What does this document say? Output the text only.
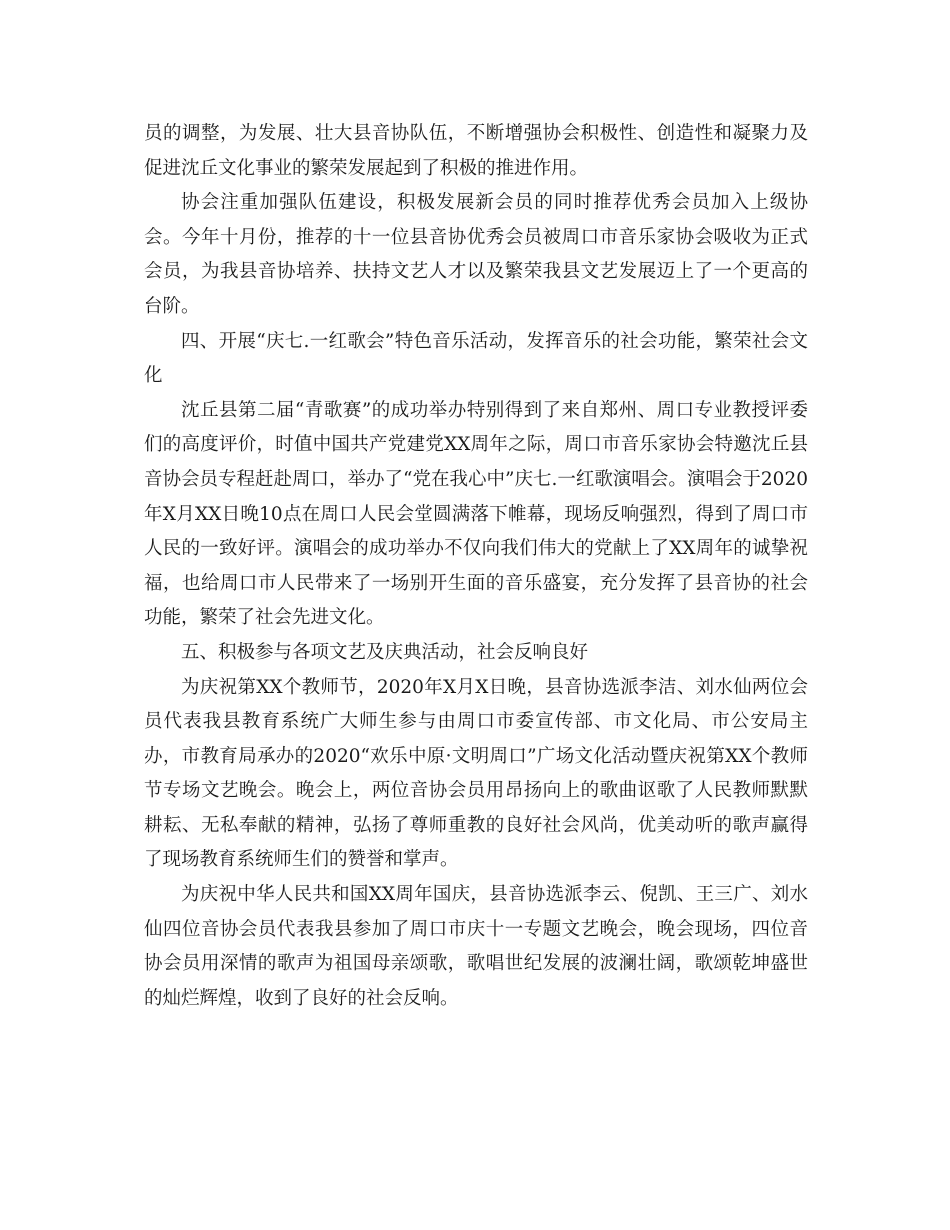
员的调整，为发展、壮大县音协队伍，不断增强协会积极性、创造性和凝聚力及促进沈丘文化事业的繁荣发展起到了积极的推进作用。

协会注重加强队伍建设，积极发展新会员的同时推荐优秀会员加入上级协会。今年十月份，推荐的十一位县音协优秀会员被周口市音乐家协会吸收为正式会员，为我县音协培养、扶持文艺人才以及繁荣我县文艺发展迈上了一个更高的台阶。

四、开展“庆七.一红歌会”特色音乐活动，发挥音乐的社会功能，繁荣社会文化

沈丘县第二届“青歌赛”的成功举办特别得到了来自郑州、周口专业教授评委们的高度评价，时值中国共产党建党XX周年之际，周口市音乐家协会特邀沈丘县音协会员专程赶赴周口，举办了“党在我心中”庆七.一红歌演唱会。演唱会于2020年X月XX日晚10点在周口人民会堂圆满落下帷幕，现场反响强烈，得到了周口市人民的一致好评。演唱会的成功举办不仅向我们伟大的党献上了XX周年的诚挚祝福，也给周口市人民带来了一场别开生面的音乐盛宴，充分发挥了县音协的社会功能，繁荣了社会先进文化。

五、积极参与各项文艺及庆典活动，社会反响良好

为庆祝第XX个教师节，2020年X月X日晚，县音协选派李洁、刘水仙两位会员代表我县教育系统广大师生参与由周口市委宣传部、市文化局、市公安局主办，市教育局承办的2020“欢乐中原·文明周口”广场文化活动暨庆祝第XX个教师节专场文艺晚会。晚会上，两位音协会员用昂扬向上的歌曲讴歌了人民教师默默耕耘、无私奉献的精神，弘扬了尊师重教的良好社会风尚，优美动听的歌声赢得了现场教育系统师生们的赞誉和掌声。

为庆祝中华人民共和国XX周年国庆，县音协选派李云、倪凯、王三广、刘水仙四位音协会员代表我县参加了周口市庆十一专题文艺晚会，晚会现场，四位音协会员用深情的歌声为祖国母亲颂歌，歌唱世纪发展的波澜壮阔，歌颂乾坤盛世的灿烂辉煌，收到了良好的社会反响。
